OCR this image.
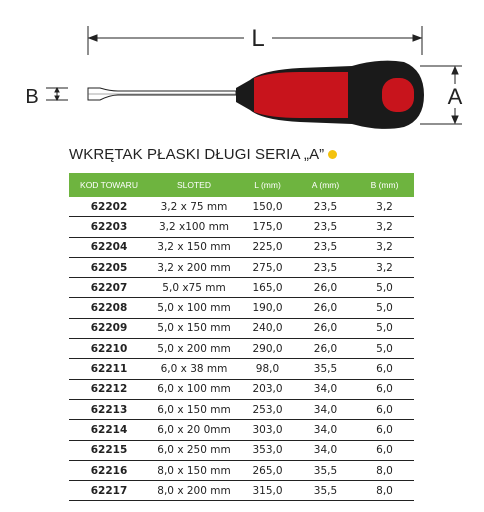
L
A
B
WKRĘTAK PŁASKI DŁUGI SERIA „A”
KOD TOWARU	SLOTED	L (mm)	A (mm)	B (mm)
62202	3,2 x 75 mm	150,0	23,5	3,2
62203	3,2 x100 mm	175,0	23,5	3,2
62204	3,2 x 150 mm	225,0	23,5	3,2
62205	3,2 x 200 mm	275,0	23,5	3,2
62207	5,0 x75 mm	165,0	26,0	5,0
62208	5,0 x 100 mm	190,0	26,0	5,0
62209	5,0 x 150 mm	240,0	26,0	5,0
62210	5,0 x 200 mm	290,0	26,0	5,0
62211	6,0 x 38 mm	98,0	35,5	6,0
62212	6,0 x 100 mm	203,0	34,0	6,0
62213	6,0 x 150 mm	253,0	34,0	6,0
62214	6,0 x 20 0mm	303,0	34,0	6,0
62215	6,0 x 250 mm	353,0	34,0	6,0
62216	8,0 x 150 mm	265,0	35,5	8,0
62217	8,0 x 200 mm	315,0	35,5	8,0
